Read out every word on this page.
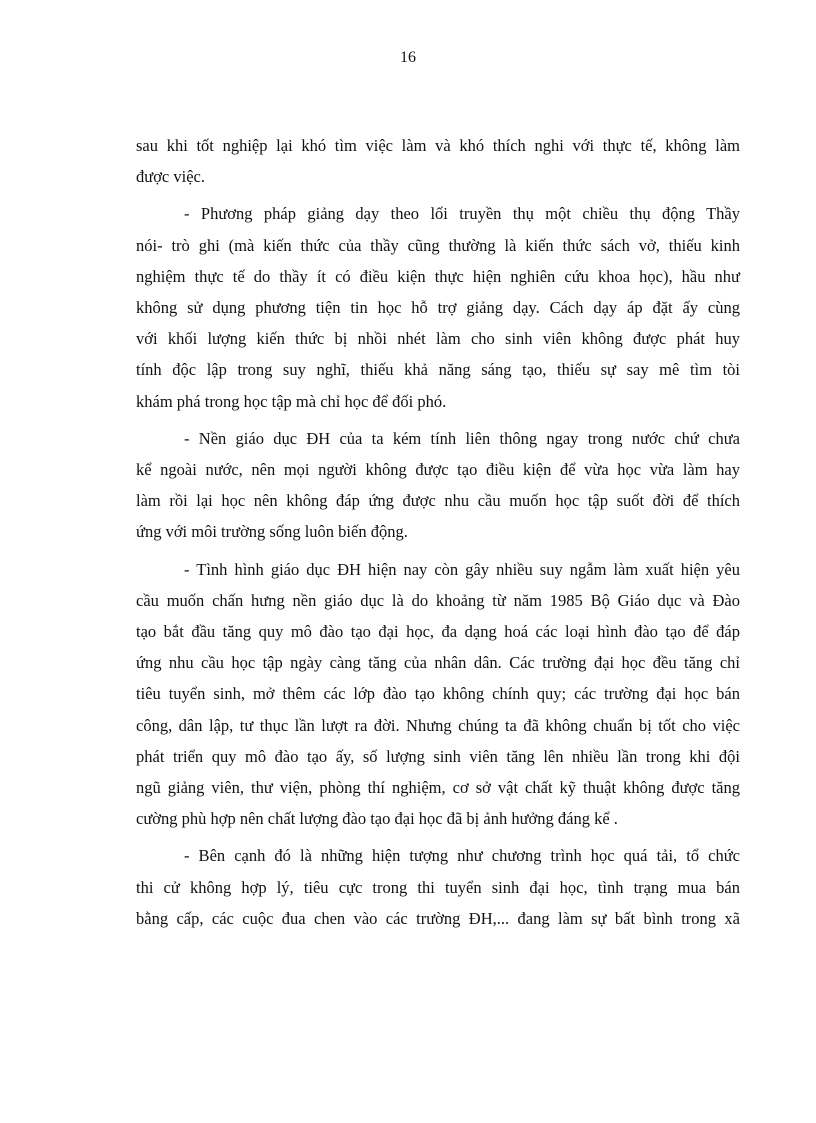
16

sau khi tốt nghiệp lại khó tìm việc làm và khó thích nghi với thực tế, không làm
được việc.

- Phương pháp giảng dạy theo lối truyền thụ một chiều thụ động Thầy
nói- trò ghi (mà kiến thức của thầy cũng thường là kiến thức sách vở, thiếu kinh
nghiệm thực tế do thầy ít có điều kiện thực hiện nghiên cứu khoa học), hầu như
không sử dụng phương tiện tin học hỗ trợ giảng dạy. Cách dạy áp đặt ấy cùng
với khối lượng kiến thức bị nhồi nhét làm cho sinh viên không được phát huy
tính độc lập trong suy nghĩ, thiếu khả năng sáng tạo, thiếu sự say mê tìm tòi
khám phá trong học tập mà chỉ học để đối phó.

- Nền giáo dục ĐH của ta kém tính liên thông ngay trong nước chứ chưa
kể ngoài nước, nên mọi người không được tạo điều kiện để vừa học vừa làm hay
làm rồi lại học nên không đáp ứng được nhu cầu muốn học tập suốt đời để thích
ứng với môi trường sống luôn biến động.

- Tình hình giáo dục ĐH hiện nay còn gây nhiều suy ngẫm làm xuất hiện yêu
cầu muốn chấn hưng nền giáo dục là do khoảng từ năm 1985 Bộ Giáo dục và Đào
tạo bắt đầu tăng quy mô đào tạo đại học, đa dạng hoá các loại hình đào tạo để đáp
ứng nhu cầu học tập ngày càng tăng của nhân dân. Các trường đại học đều tăng chỉ
tiêu tuyển sinh, mở thêm các lớp đào tạo không chính quy; các trường đại học bán
công, dân lập, tư thục lần lượt ra đời. Nhưng chúng ta đã không chuẩn bị tốt cho việc
phát triển quy mô đào tạo ấy, số lượng sinh viên tăng lên nhiều lần trong khi đội
ngũ giảng viên, thư viện, phòng thí nghiệm, cơ sở vật chất kỹ thuật không được tăng
cường phù hợp nên chất lượng đào tạo đại học đã bị ảnh hưởng đáng kể .

- Bên cạnh đó là những hiện tượng như chương trình học quá tải, tổ chức
thi cử không hợp lý, tiêu cực trong thi tuyển sinh đại học, tình trạng mua bán
bằng cấp, các cuộc đua chen vào các trường ĐH,... đang làm sự bất bình trong xã
